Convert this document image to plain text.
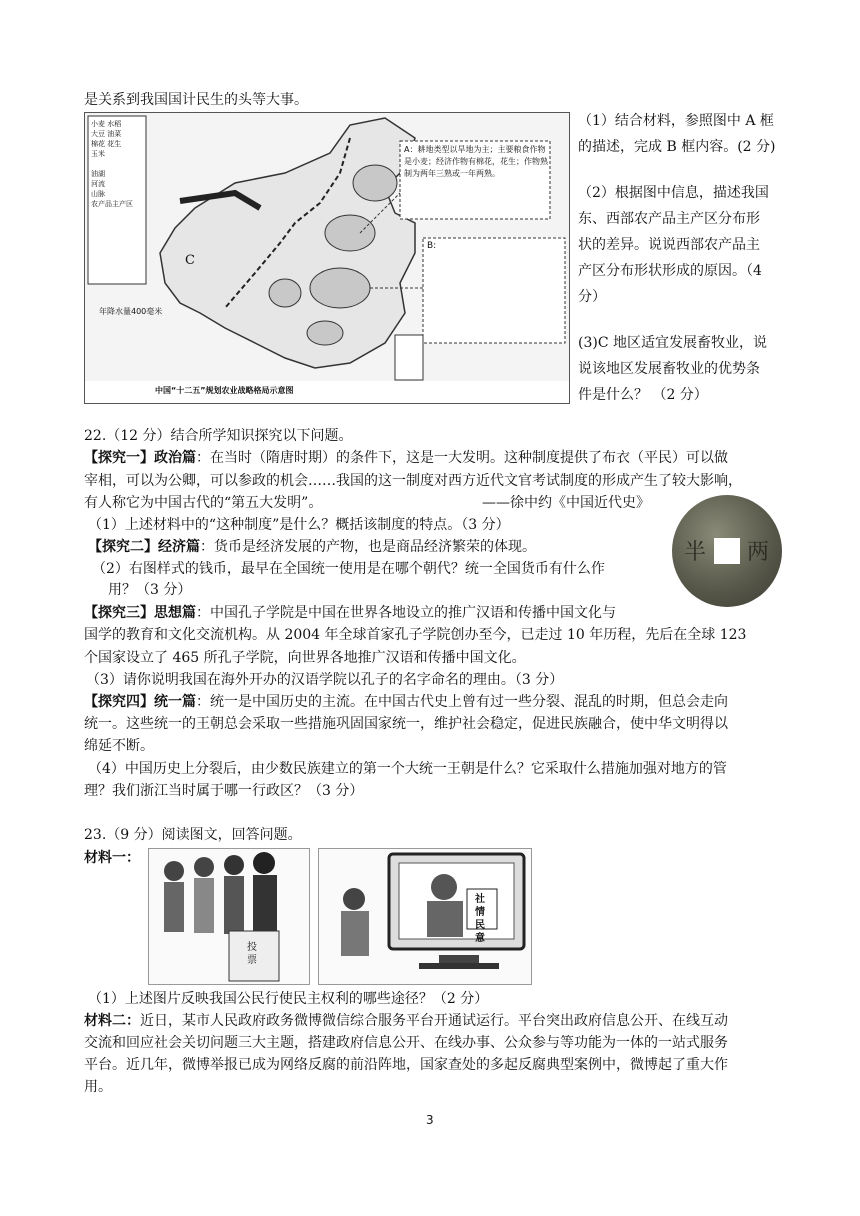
是关系到我国国计民生的头等大事。
小麦 水稻
大豆 油菜
棉花 花生
玉米

油湖
河流
山脉
农产品主产区
A：耕地类型以旱地为主；主要粮食作物是小麦；经济作物有棉花，花生；作物熟制为两年三熟或一年两熟。
B:
C
年降水量400毫米
中国“十二五”规划农业战略格局示意图
（1）结合材料，参照图中 A 框
的描述，完成 B 框内容。(2 分)
（2）根据图中信息，描述我国
东、西部农产品主产区分布形
状的差异。说说西部农产品主
产区分布形状形成的原因。（4
分）
(3)C 地区适宜发展畜牧业，说
说该地区发展畜牧业的优势条
件是什么？ （2 分）
22.（12 分）结合所学知识探究以下问题。
【探究一】政治篇：在当时（隋唐时期）的条件下，这是一大发明。这种制度提供了布衣（平民）可以做
宰相，可以为公卿，可以参政的机会……我国的这一制度对西方近代文官考试制度的形成产生了较大影响，
有人称它为中国古代的“第五大发明”。	——徐中约《中国近代史》
（1）上述材料中的“这种制度”是什么？概括该制度的特点。（3 分）
【探究二】经济篇：货币是经济发展的产物，也是商品经济繁荣的体现。
（2）右图样式的钱币，最早在全国统一使用是在哪个朝代？统一全国货币有什么作
用？（3 分）
半 两
【探究三】思想篇：中国孔子学院是中国在世界各地设立的推广汉语和传播中国文化与
国学的教育和文化交流机构。从 2004 年全球首家孔子学院创办至今，已走过 10 年历程，先后在全球 123
个国家设立了 465 所孔子学院，向世界各地推广汉语和传播中国文化。
（3）请你说明我国在海外开办的汉语学院以孔子的名字命名的理由。（3 分）
【探究四】统一篇：统一是中国历史的主流。在中国古代史上曾有过一些分裂、混乱的时期，但总会走向
统一。这些统一的王朝总会采取一些措施巩固国家统一，维护社会稳定，促进民族融合，使中华文明得以
绵延不断。
（4）中国历史上分裂后，由少数民族建立的第一个大统一王朝是什么？它采取什么措施加强对地方的管
理？我们浙江当时属于哪一行政区？（3 分）
23.（9 分）阅读图文，回答问题。
材料一：
投票
社情民意
（1）上述图片反映我国公民行使民主权利的哪些途径？（2 分）
材料二：近日，某市人民政府政务微博微信综合服务平台开通试运行。平台突出政府信息公开、在线互动
交流和回应社会关切问题三大主题，搭建政府信息公开、在线办事、公众参与等功能为一体的一站式服务
平台。近几年，微博举报已成为网络反腐的前沿阵地，国家查处的多起反腐典型案例中，微博起了重大作
用。
3
